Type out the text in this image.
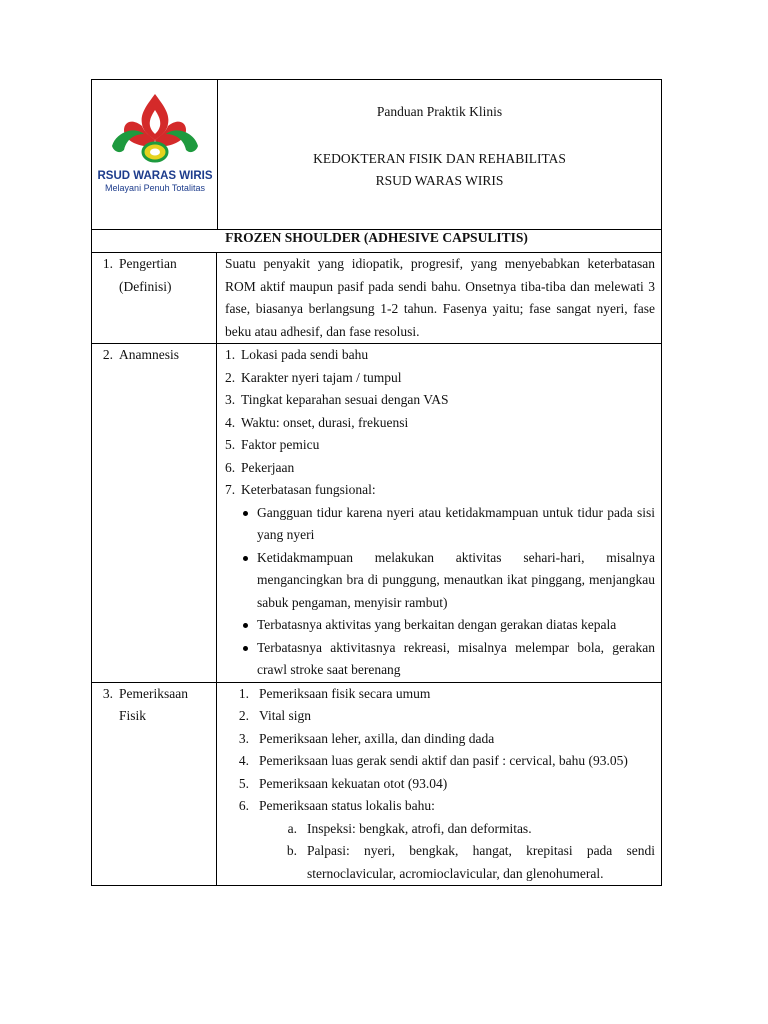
RSUD WARAS WIRIS
Melayani Penuh Totalitas
Panduan Praktik Klinis
KEDOKTERAN FISIK DAN REHABILITAS
RSUD WARAS WIRIS
FROZEN SHOULDER (ADHESIVE CAPSULITIS)
1. Pengertian (Definisi)
Suatu penyakit yang idiopatik, progresif, yang menyebabkan keterbatasan ROM aktif maupun pasif pada sendi bahu. Onsetnya tiba-tiba dan melewati 3 fase, biasanya berlangsung 1-2 tahun. Fasenya yaitu; fase sangat nyeri, fase beku atau adhesif, dan fase resolusi.
2. Anamnesis	1. Lokasi pada sendi bahu
2. Karakter nyeri tajam / tumpul
3. Tingkat keparahan sesuai dengan VAS
4. Waktu: onset, durasi, frekuensi
5. Faktor pemicu
6. Pekerjaan
7. Keterbatasan fungsional:
Gangguan tidur karena nyeri atau ketidakmampuan untuk tidur pada sisi yang nyeri
Ketidakmampuan melakukan aktivitas sehari-hari, misalnya mengancingkan bra di punggung, menautkan ikat pinggang, menjangkau sabuk pengaman, menyisir rambut)
Terbatasnya aktivitas yang berkaitan dengan gerakan diatas kepala
Terbatasnya aktivitasnya rekreasi, misalnya melempar bola, gerakan crawl stroke saat berenang
3. Pemeriksaan Fisik
1. Pemeriksaan fisik secara umum
2. Vital sign
3. Pemeriksaan leher, axilla, dan dinding dada
4. Pemeriksaan luas gerak sendi aktif dan pasif : cervical, bahu (93.05)
5. Pemeriksaan kekuatan otot (93.04)
6. Pemeriksaan status lokalis bahu:
a. Inspeksi: bengkak, atrofi, dan deformitas.
b. Palpasi: nyeri, bengkak, hangat, krepitasi pada sendi sternoclavicular, acromioclavicular, dan glenohumeral.
